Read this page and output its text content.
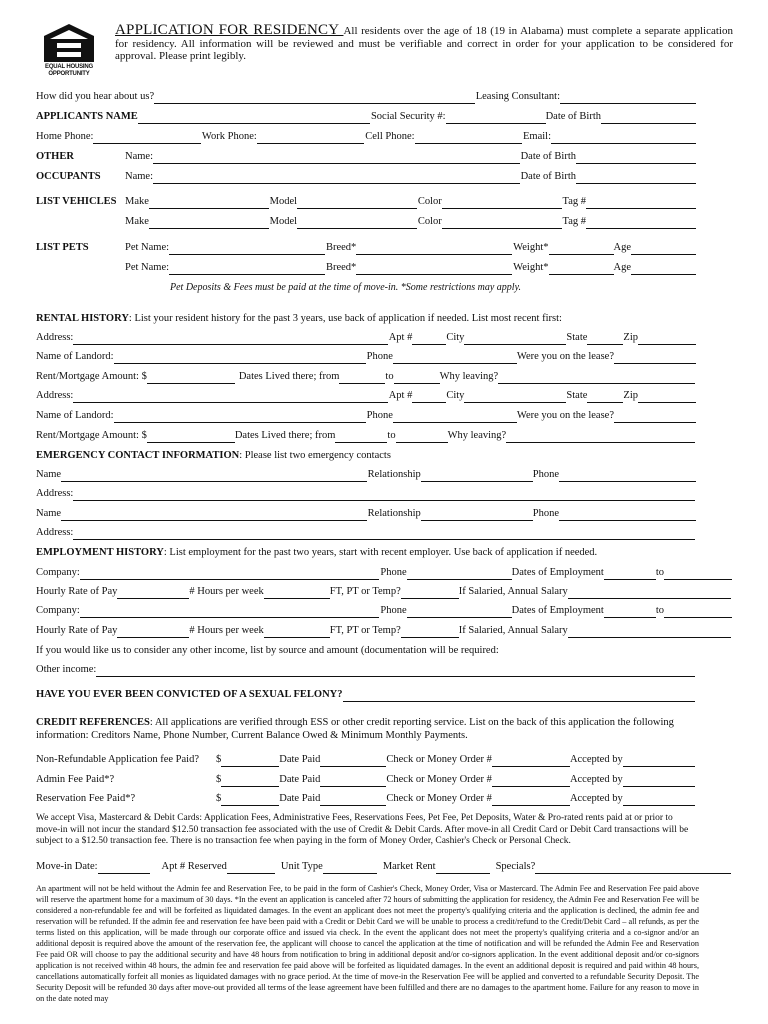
EQUAL HOUSING
OPPORTUNITY
APPLICATION FOR RESIDENCY All residents over the age of 18 (19 in Alabama) must complete a separate application for residency. All information will be reviewed and must be verifiable and correct in order for your application to be considered for approval. Please print legibly.
How did you hear about us?	Leasing Consultant:
APPLICANTS NAME	Social Security #:	Date of Birth
Home Phone:	Work Phone:	Cell Phone:	Email:
OTHER	Name:	Date of Birth
OCCUPANTS	Name:	Date of Birth
LIST VEHICLES Make	Model	Color	Tag #
Make	Model	Color	Tag #
LIST PETS	Pet Name:	Breed*	Weight*	Age
Pet Name:	Breed*	Weight*	Age
Pet Deposits & Fees must be paid at the time of move-in. *Some restrictions may apply.
RENTAL HISTORY : List your resident history for the past 3 years, use back of application if needed. List most recent first:
Address:	Apt #	City	State	Zip
Name of Landord:	Phone	Were you on the lease?
Rent/Mortgage Amount: $	Dates Lived there; from	to	Why leaving?
Address:	Apt #	City	State	Zip
Name of Landord:	Phone	Were you on the lease?
Rent/Mortgage Amount: $	Dates Lived there; from	to	Why leaving?
EMERGENCY CONTACT INFORMATION : Please list two emergency contacts
Name	Relationship	Phone
Address:
Name	Relationship	Phone
Address:
EMPLOYMENT HISTORY : List employment for the past two years, start with recent employer. Use back of application if needed.
Company:	Phone	Dates of Employment	to
Hourly Rate of Pay	# Hours per week	FT, PT or Temp?	If Salaried, Annual Salary
Company:	Phone	Dates of Employment	to
Hourly Rate of Pay	# Hours per week	FT, PT or Temp?	If Salaried, Annual Salary
If you would like us to consider any other income, list by source and amount (documentation will be required:
Other income:
HAVE YOU EVER BEEN CONVICTED OF A SEXUAL FELONY?
CREDIT REFERENCES: All applications are verified through ESS or other credit reporting service. List on the back of this application the following information: Creditors Name, Phone Number, Current Balance Owed & Minimum Monthly Payments.
Non-Refundable Application fee Paid?	$	Date Paid	Check or Money Order #	Accepted by
Admin Fee Paid*?	$	Date Paid	Check or Money Order #	Accepted by
Reservation Fee Paid*?	$	Date Paid	Check or Money Order #	Accepted by
We accept Visa, Mastercard & Debit Cards: Application Fees, Administrative Fees, Reservations Fees, Pet Fee, Pet Deposits, Water & Pro-rated rents paid at or prior to move-in will not incur the standard $12.50 transaction fee associated with the use of Credit & Debit Cards. After move-in all Credit Card or Debit Card transactions will be subject to a $12.50 transaction fee. There is no transaction fee when paying in the form of Money Order, Cashier's Check or Personal Check.
Move-in Date:	Apt # Reserved	Unit Type	Market Rent	Specials?
An apartment will not be held without the Admin fee and Reservation Fee, to be paid in the form of Cashier's Check, Money Order, Visa or Mastercard. The Admin Fee and Reservation Fee paid above will reserve the apartment home for a maximum of 30 days. *In the event an application is canceled after 72 hours of submitting the application for residency, the Admin Fee and Reservation Fee will be considered a non-refundable fee and will be forfeited as liquidated damages. In the event an applicant does not meet the property's qualifying criteria and the application is declined, the admin fee and reservation will be refunded. If the admin fee and reservation fee have been paid with a Credit or Debit Card we will be unable to process a credit/refund to the Credit/Debit Card – all refunds, as per the terms listed on this application, will be made through our corporate office and issued via check. In the event the applicant does not meet the property's qualifying criteria and a co-signor and/or an additional deposit is required above the amount of the reservation fee, the applicant will choose to cancel the application at the time of notification and will be refunded the Admin Fee and Reservation Fee paid OR will choose to pay the additional security and have 48 hours from notification to bring in additional deposit and/or co-signors application. In the event additional deposit and/or co-signors application is not received within 48 hours, the admin fee and reservation fee paid above will be forfeited as liquidated damages. In the event an additional deposit is required and paid within 48 hours, cancellations automatically forfeit all monies as liquidated damages with no grace period. At the time of move-in the Reservation Fee will be applied and converted to a refundable Security Deposit. The Security Deposit will be refunded 30 days after move-out provided all terms of the lease agreement have been fulfilled and there are no damages to the apartment home. Failure for any reason to move in on the date noted may
